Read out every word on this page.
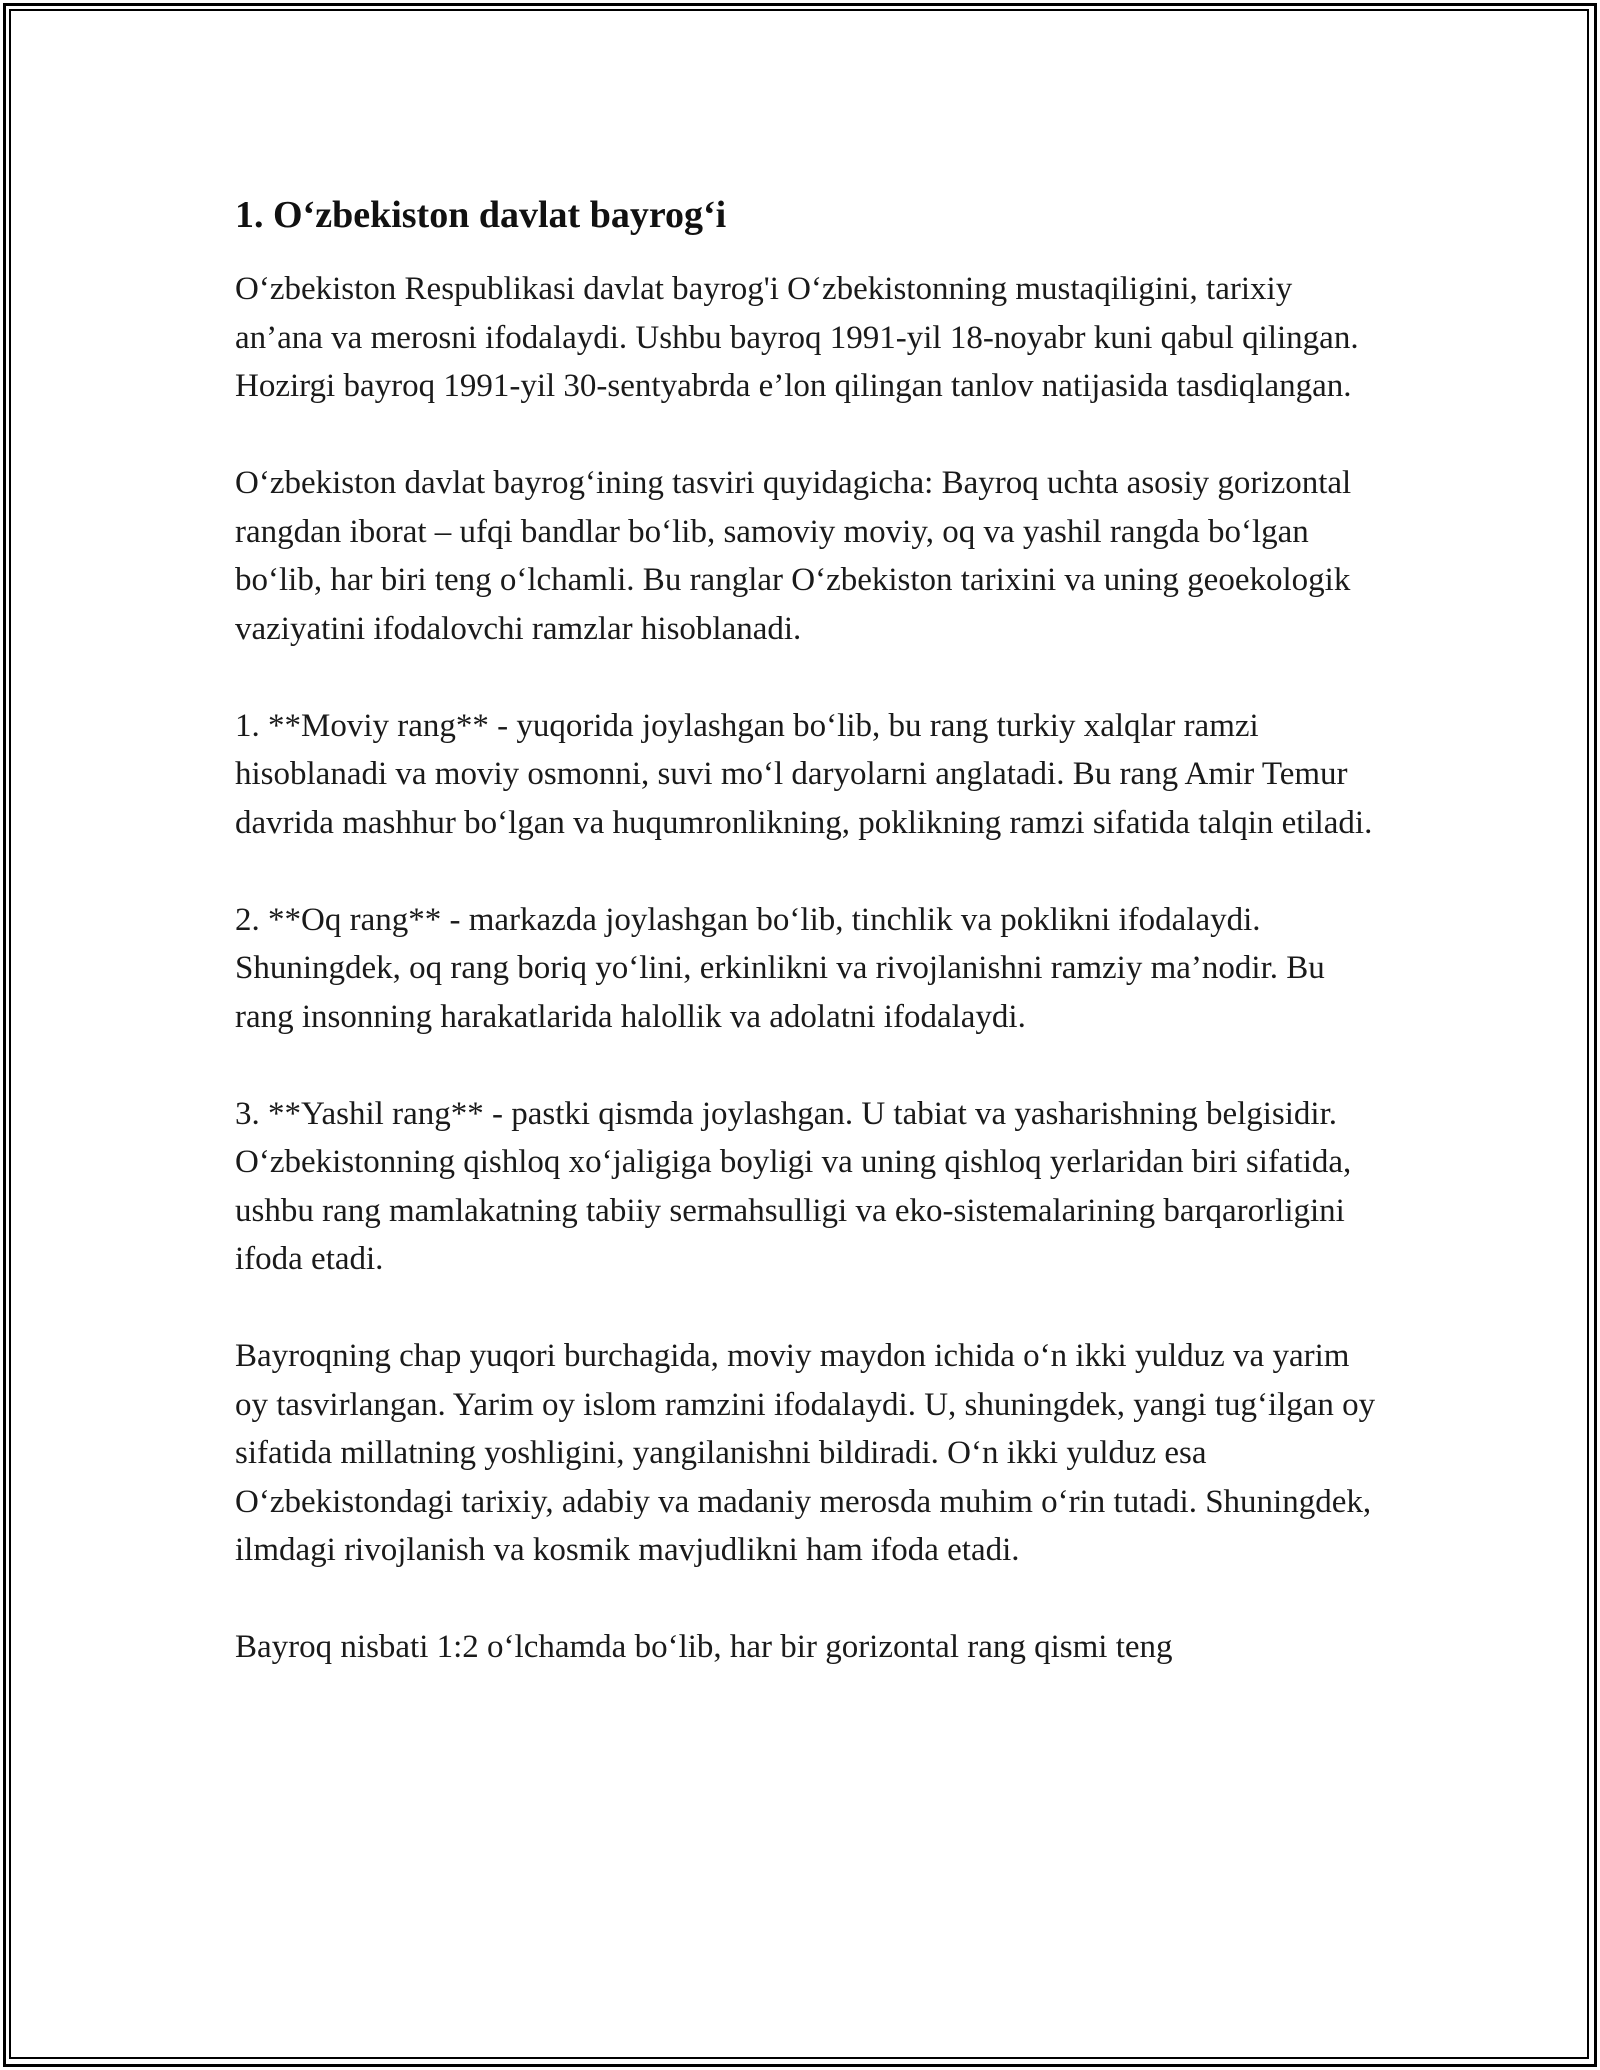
1. O‘zbekiston davlat bayrog‘i

O‘zbekiston Respublikasi davlat bayrog'i O‘zbekistonning mustaqiligini, tarixiy an’ana va merosni ifodalaydi. Ushbu bayroq 1991-yil 18-noyabr kuni qabul qilingan. Hozirgi bayroq 1991-yil 30-sentyabrda e’lon qilingan tanlov natijasida tasdiqlangan.

O‘zbekiston davlat bayrog‘ining tasviri quyidagicha: Bayroq uchta asosiy gorizontal rangdan iborat – ufqi bandlar bo‘lib, samoviy moviy, oq va yashil rangda bo‘lgan bo‘lib, har biri teng o‘lchamli. Bu ranglar O‘zbekiston tarixini va uning geoekologik vaziyatini ifodalovchi ramzlar hisoblanadi.

1. **Moviy rang** - yuqorida joylashgan bo‘lib, bu rang turkiy xalqlar ramzi hisoblanadi va moviy osmonni, suvi mo‘l daryolarni anglatadi. Bu rang Amir Temur davrida mashhur bo‘lgan va huqumronlikning, poklikning ramzi sifatida talqin etiladi.

2. **Oq rang** - markazda joylashgan bo‘lib, tinchlik va poklikni ifodalaydi. Shuningdek, oq rang boriq yo‘lini, erkinlikni va rivojlanishni ramziy ma’nodir. Bu rang insonning harakatlarida halollik va adolatni ifodalaydi.

3. **Yashil rang** - pastki qismda joylashgan. U tabiat va yasharishning belgisidir. O‘zbekistonning qishloq xo‘jaligiga boyligi va uning qishloq yerlaridan biri sifatida, ushbu rang mamlakatning tabiiy sermahsulligi va eko-sistemalarining barqarorligini ifoda etadi.

Bayroqning chap yuqori burchagida, moviy maydon ichida o‘n ikki yulduz va yarim oy tasvirlangan. Yarim oy islom ramzini ifodalaydi. U, shuningdek, yangi tug‘ilgan oy sifatida millatning yoshligini, yangilanishni bildiradi. O‘n ikki yulduz esa O‘zbekistondagi tarixiy, adabiy va madaniy merosda muhim o‘rin tutadi. Shuningdek, ilmdagi rivojlanish va kosmik mavjudlikni ham ifoda etadi.

Bayroq nisbati 1:2 o‘lchamda bo‘lib, har bir gorizontal rang qismi teng
